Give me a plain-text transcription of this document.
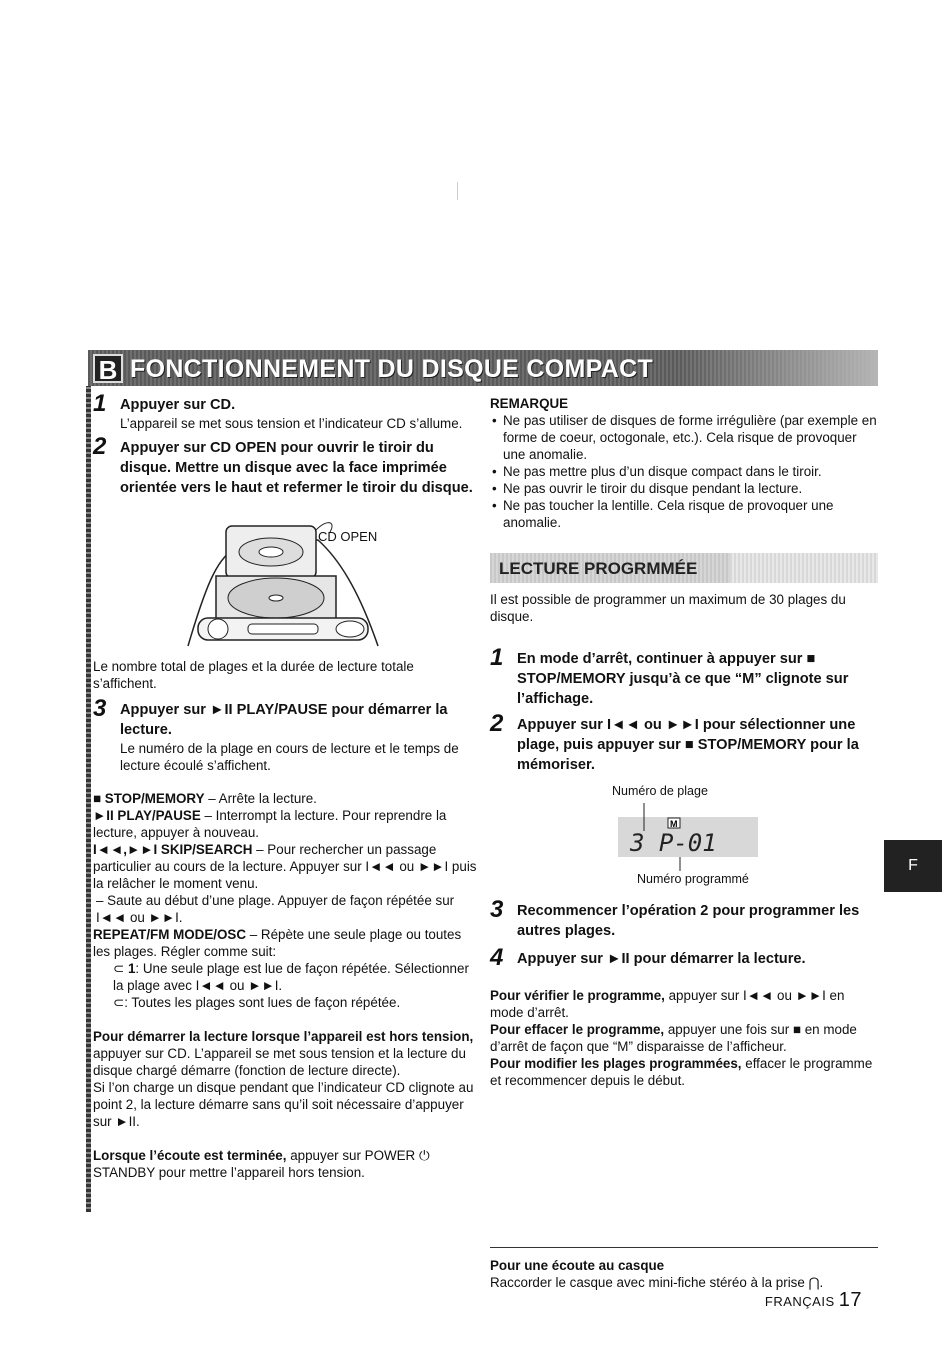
B FONCTIONNEMENT DU DISQUE COMPACT
1 Appuyer sur CD.

L’appareil se met sous tension et l’indicateur CD s’allume.

2 Appuyer sur CD OPEN pour ouvrir le tiroir du disque. Mettre un disque avec la face imprimée orientée vers le haut et refermer le tiroir du disque.

CD OPEN

Le nombre total de plages et la durée de lecture totale s’affichent.

3 Appuyer sur ►II PLAY/PAUSE pour démarrer la lecture.

Le numéro de la plage en cours de lecture et le temps de lecture écoulé s’affichent.

■ STOP/MEMORY – Arrête la lecture.

►II PLAY/PAUSE – Interrompt la lecture. Pour reprendre la lecture, appuyer à nouveau.

I◄◄,►►I SKIP/SEARCH – Pour rechercher un passage particulier au cours de la lecture. Appuyer sur I◄◄ ou ►►I puis la relâcher le moment venu.

– Saute au début d’une plage. Appuyer de façon répétée sur I◄◄ ou ►►I.

REPEAT/FM MODE/OSC – Répète une seule plage ou toutes les plages. Régler comme suit:

⊂ 1: Une seule plage est lue de façon répétée. Sélectionner la plage avec I◄◄ ou ►►I.

⊂: Toutes les plages sont lues de façon répétée.

Pour démarrer la lecture lorsque l’appareil est hors tension, appuyer sur CD. L’appareil se met sous tension et la lecture du disque chargé démarre (fonction de lecture directe).

Si l’on charge un disque pendant que l’indicateur CD clignote au point 2, la lecture démarre sans qu’il soit nécessaire d’appuyer sur ►II.

Lorsque l’écoute est terminée, appuyer sur POWER ⏻ STANDBY pour mettre l’appareil hors tension.

REMARQUE

• Ne pas utiliser de disques de forme irrégulière (par exemple en forme de coeur, octogonale, etc.). Cela risque de provoquer une anomalie.
• Ne pas mettre plus d’un disque compact dans le tiroir.
• Ne pas ouvrir le tiroir du disque pendant la lecture.
• Ne pas toucher la lentille. Cela risque de provoquer une anomalie.
LECTURE PROGRMMÉE

Il est possible de programmer un maximum de 30 plages du disque.

1 En mode d’arrêt, continuer à appuyer sur ■ STOP/MEMORY jusqu’à ce que “M” clignote sur l’affichage.

2 Appuyer sur I◄◄ ou ►►I pour sélectionner une plage, puis appuyer sur ■ STOP/MEMORY pour la mémoriser.

Numéro de plage
M
3 P-01
Numéro programmé
3 Recommencer l’opération 2 pour programmer les autres plages.

4 Appuyer sur ►II pour démarrer la lecture.

Pour vérifier le programme, appuyer sur I◄◄ ou ►►I en mode d’arrêt.

Pour effacer le programme, appuyer une fois sur ■ en mode d’arrêt de façon que “M” disparaisse de l’afficheur.

Pour modifier les plages programmées, effacer le programme et recommencer depuis le début.

Pour une écoute au casque
Raccorder le casque avec mini-fiche stéréo à la prise ⋂.
FRANÇAIS 17
F
